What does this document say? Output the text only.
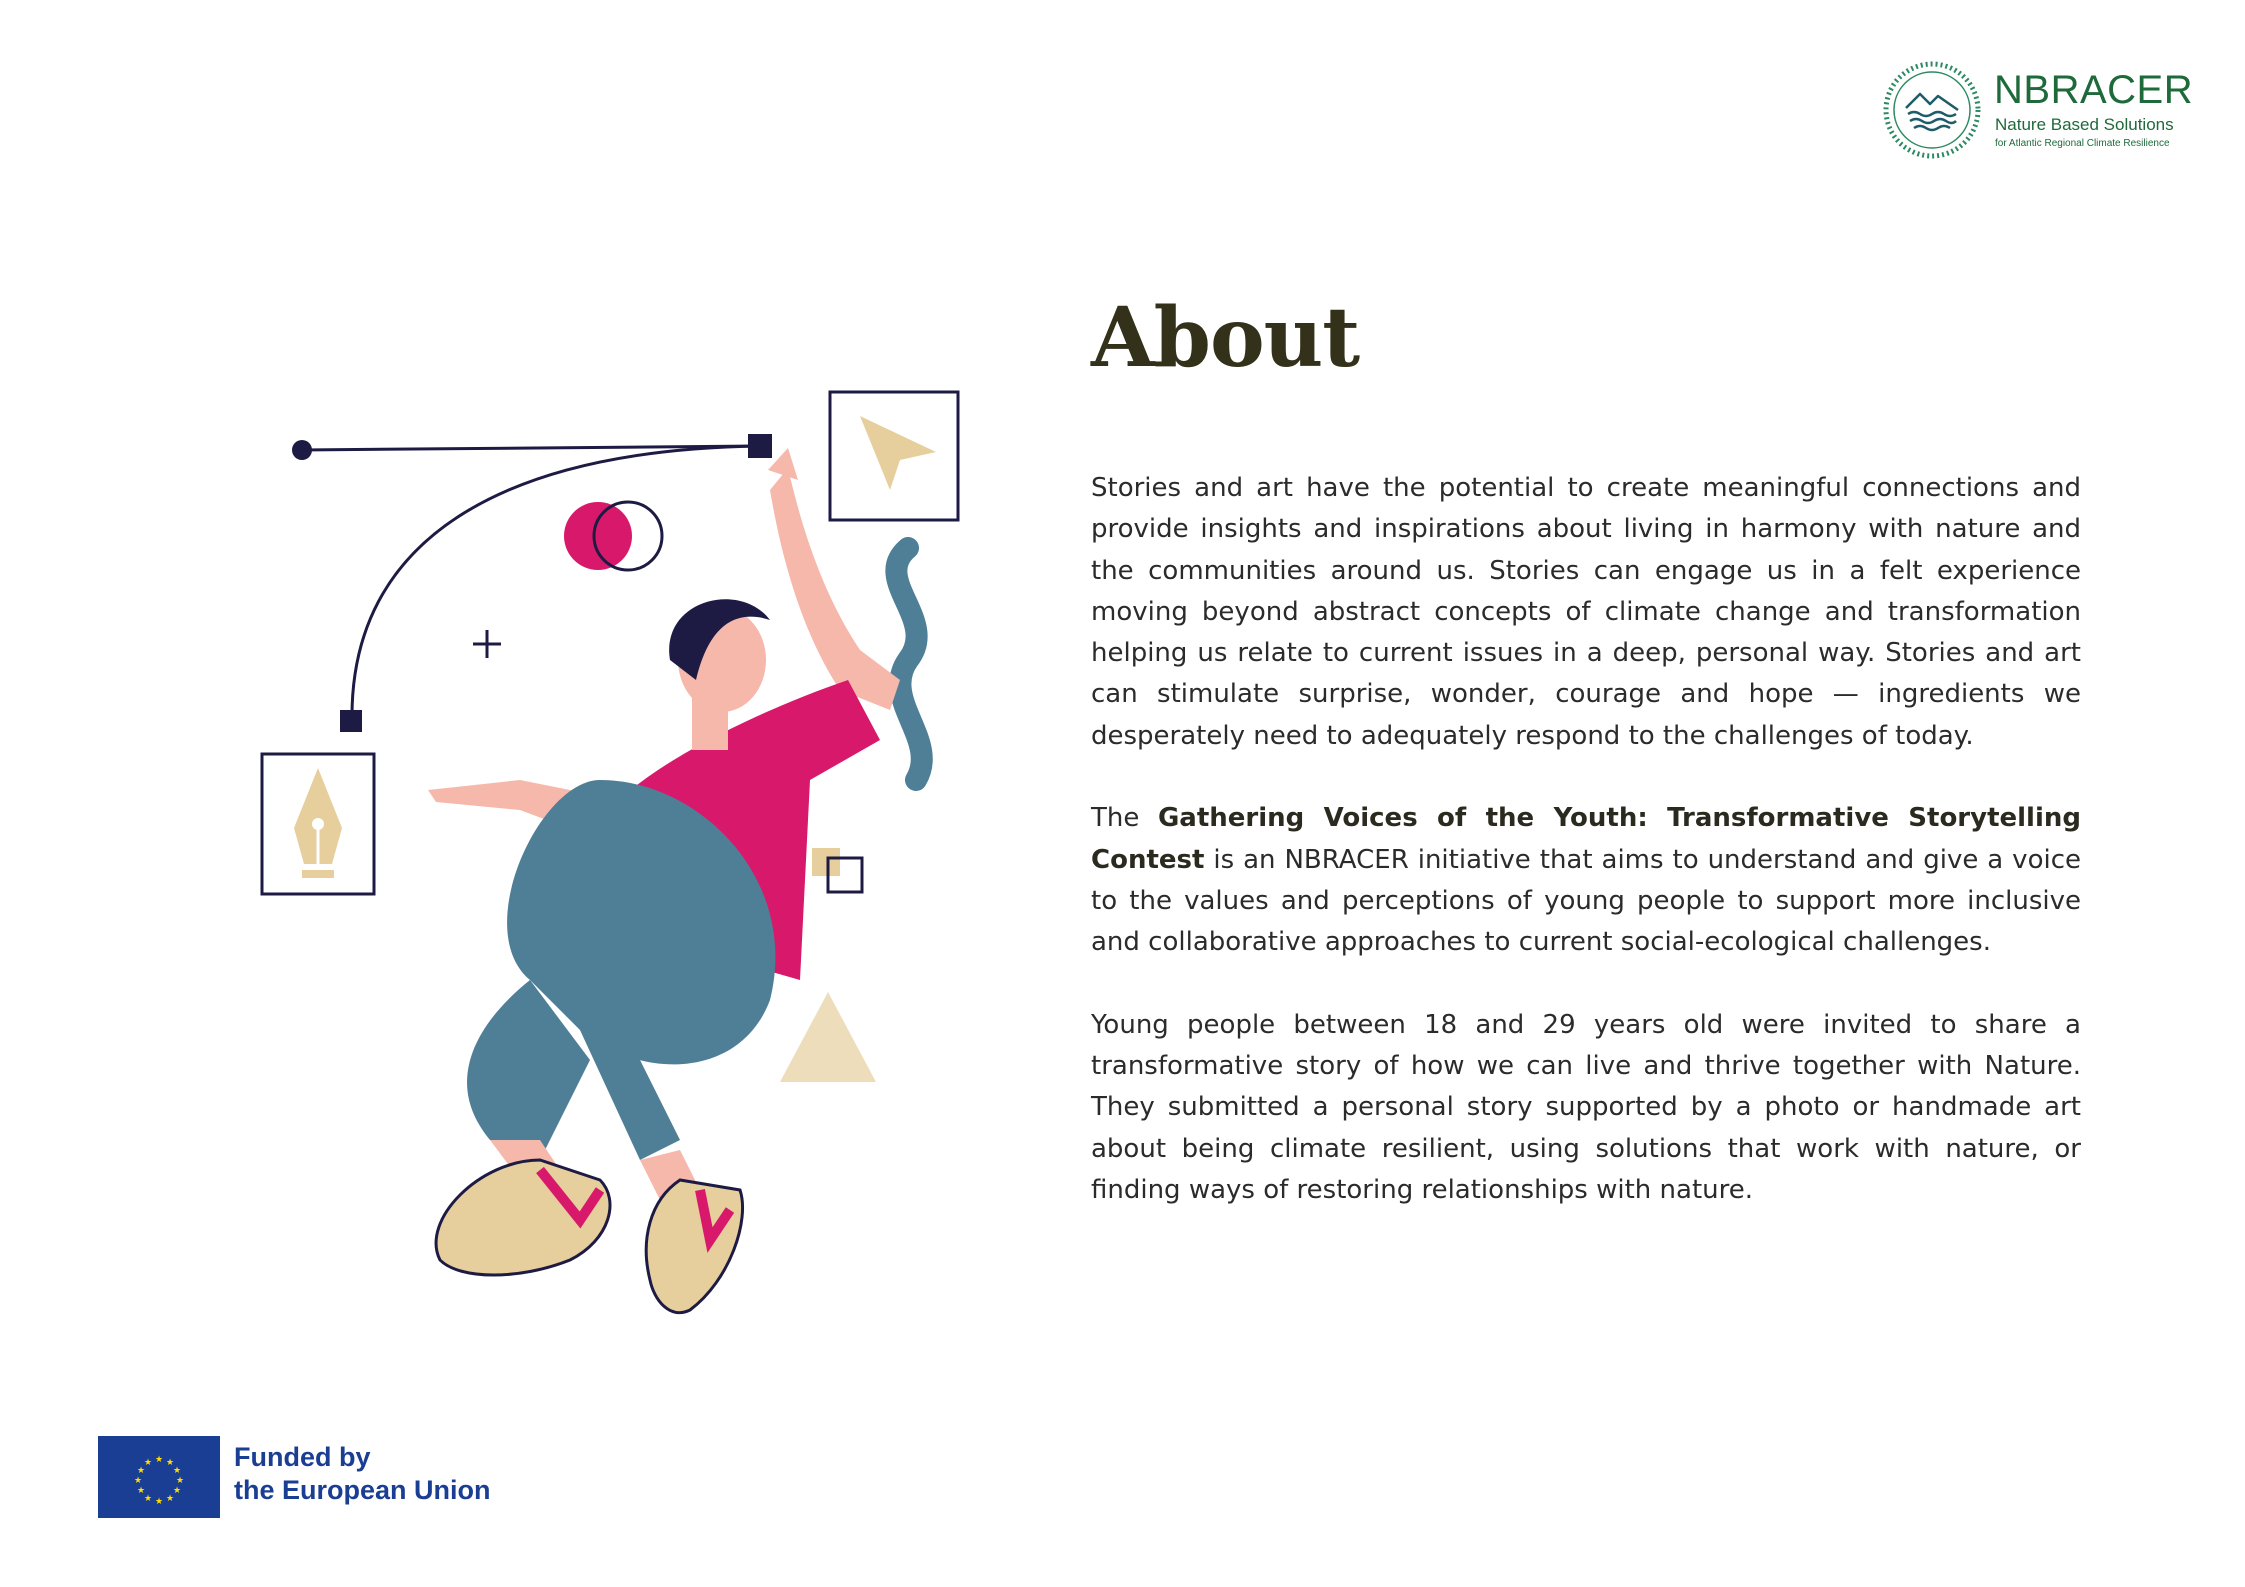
NBRACER
Nature Based Solutions
for Atlantic Regional Climate Resilience
About

Stories and art have the potential to create meaningful connections and provide insights and inspirations about living in harmony with nature and the communities around us. Stories can engage us in a felt experience moving beyond abstract concepts of climate change and transformation helping us relate to current issues in a deep, personal way. Stories and art can stimulate surprise, wonder, courage and hope — ingredients we desperately need to adequately respond to the challenges of today.

The Gathering Voices of the Youth: Transformative Storytelling Contest is an NBRACER initiative that aims to understand and give a voice to the values and perceptions of young people to support more inclusive and collaborative approaches to current social-ecological challenges.

Young people between 18 and 29 years old were invited to share a transformative story of how we can live and thrive together with Nature. They submitted a personal story supported by a photo or handmade art about being climate resilient, using solutions that work with nature, or finding ways of restoring relationships with nature.

★ ★
★
★
★
★
★
★
★
★
★
★	Funded by
the European Union
